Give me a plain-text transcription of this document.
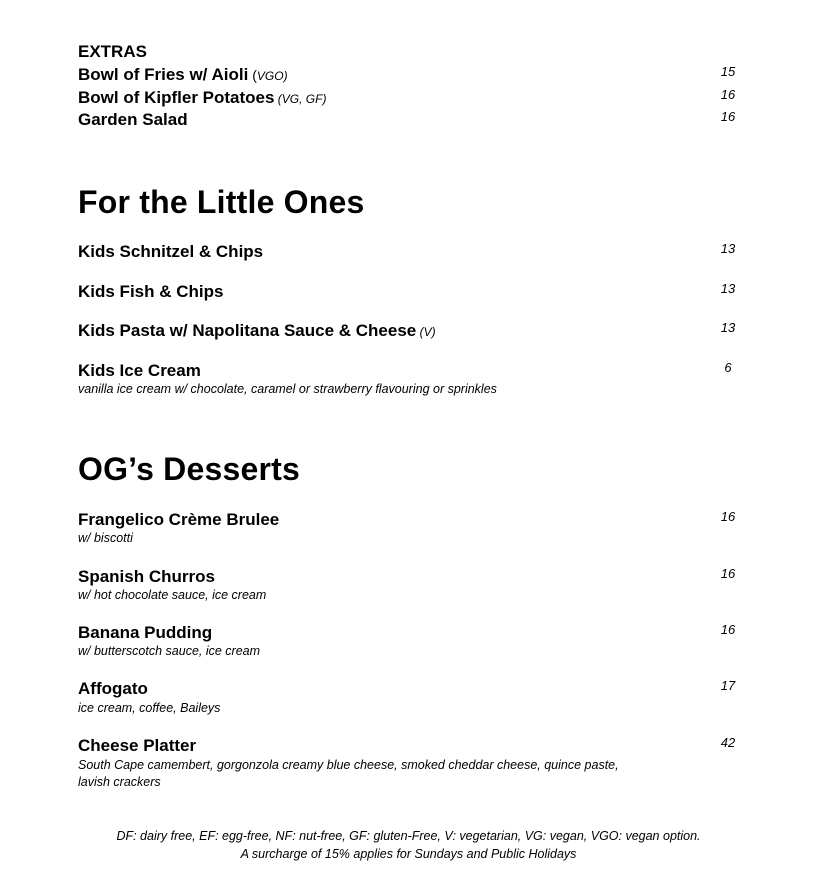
EXTRAS
Bowl of Fries w/ Aioli (VGO)	15
Bowl of Kipfler Potatoes (VG, GF)	16
Garden Salad	16
For the Little Ones
Kids Schnitzel & Chips	13
Kids Fish & Chips	13
Kids Pasta w/ Napolitana Sauce & Cheese (V)	13
Kids Ice Cream	6
vanilla ice cream w/ chocolate, caramel or strawberry flavouring or sprinkles
OG’s Desserts
Frangelico Crème Brulee	16
w/ biscotti
Spanish Churros	16
w/ hot chocolate sauce, ice cream
Banana Pudding	16
w/ butterscotch sauce, ice cream
Affogato	17
ice cream, coffee, Baileys
Cheese Platter	42
South Cape camembert, gorgonzola creamy blue cheese, smoked cheddar cheese, quince paste,
lavish crackers
DF: dairy free, EF: egg-free, NF: nut-free, GF: gluten-Free, V: vegetarian, VG: vegan, VGO: vegan option.
A surcharge of 15% applies for Sundays and Public Holidays
